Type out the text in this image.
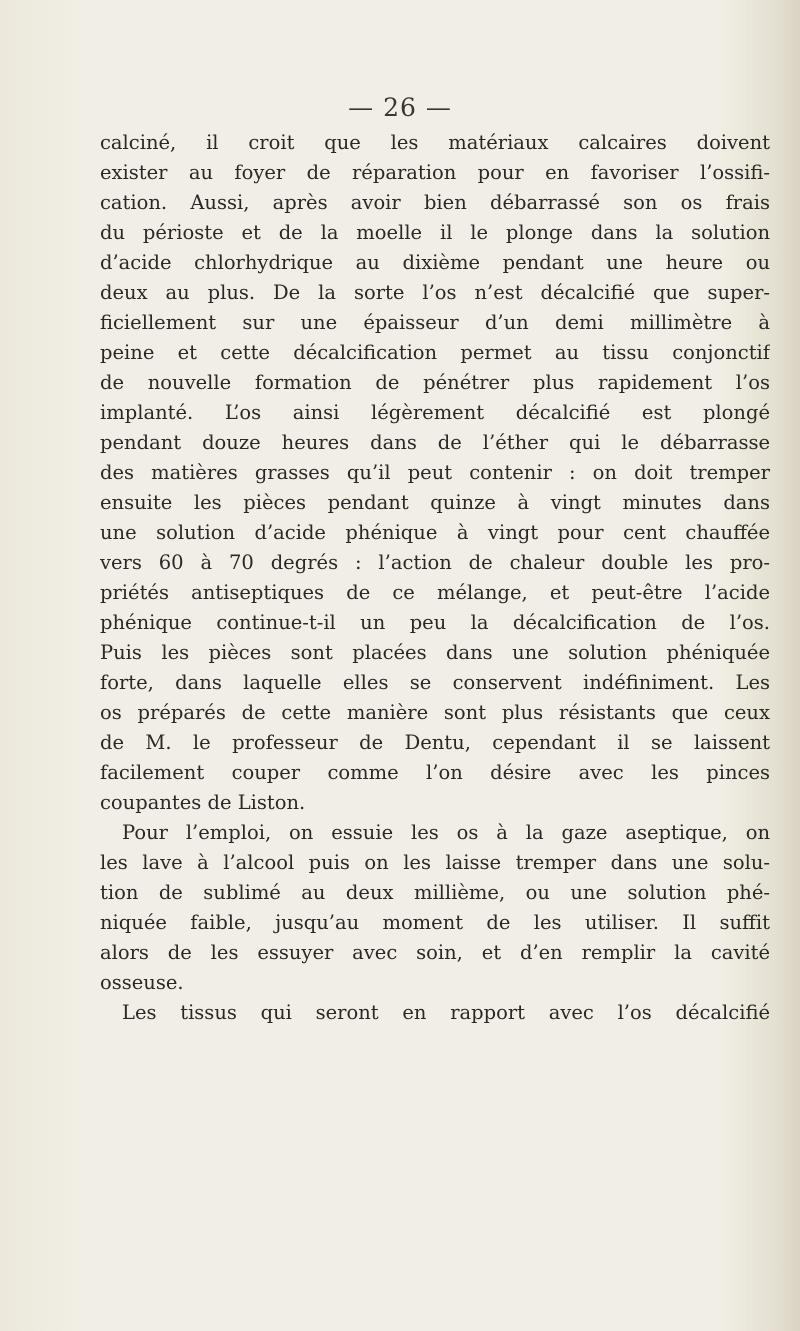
— 26 —
calciné, il croit que les matériaux calcaires doivent
exister au foyer de réparation pour en favoriser l’ossifi-
cation. Aussi, après avoir bien débarrassé son os frais
du périoste et de la moelle il le plonge dans la solution
d’acide chlorhydrique au dixième pendant une heure ou
deux au plus. De la sorte l’os n’est décalcifié que super-
ficiellement sur une épaisseur d’un demi millimètre à
peine et cette décalcification permet au tissu conjonctif
de nouvelle formation de pénétrer plus rapidement l’os
implanté. L’os ainsi légèrement décalcifié est plongé
pendant douze heures dans de l’éther qui le débarrasse
des matières grasses qu’il peut contenir : on doit tremper
ensuite les pièces pendant quinze à vingt minutes dans
une solution d’acide phénique à vingt pour cent chauffée
vers 60 à 70 degrés : l’action de chaleur double les pro-
priétés antiseptiques de ce mélange, et peut-être l’acide
phénique continue-t-il un peu la décalcification de l’os.
Puis les pièces sont placées dans une solution phéniquée
forte, dans laquelle elles se conservent indéfiniment. Les
os préparés de cette manière sont plus résistants que ceux
de M. le professeur de Dentu, cependant il se laissent
facilement couper comme l’on désire avec les pinces
coupantes de Liston.
Pour l’emploi, on essuie les os à la gaze aseptique, on
les lave à l’alcool puis on les laisse tremper dans une solu-
tion de sublimé au deux millième, ou une solution phé-
niquée faible, jusqu’au moment de les utiliser. Il suffit
alors de les essuyer avec soin, et d’en remplir la cavité
osseuse.
Les tissus qui seront en rapport avec l’os décalcifié
